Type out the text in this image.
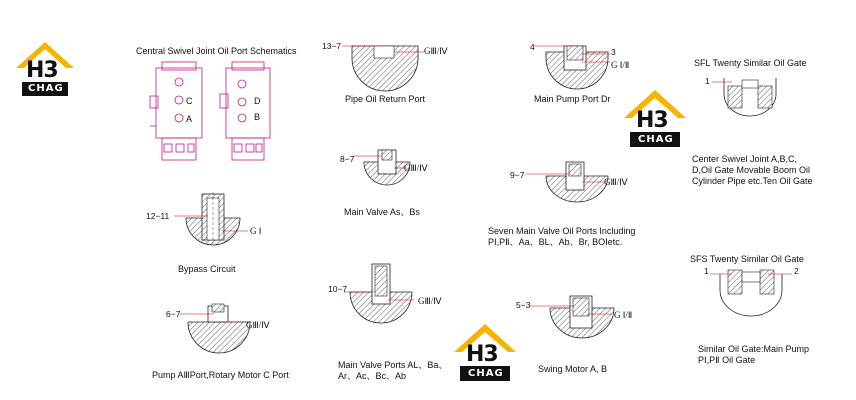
H3
CHAG
H3
CHAG
H3
CHAG
Central Swivel Joint Oil Port Schematics
C
A
D
B
12−11
G Ⅰ
Bypass Circuit
6−7
GⅢ/Ⅳ
Pump AⅢPort,Rotary Motor C Port
13−7	GⅢ/Ⅳ
Pipe Oil Return Port
8−7
GⅢ/Ⅳ
Main Valve As、Bs
10−7
GⅢ/Ⅳ
Main Valve Ports AL、Ba、Ar、Ac、Bc、Ab
4	3
G Ⅰ/Ⅱ
Main Pump Port Dr
9−7
GⅢ/Ⅳ
Seven Main Valve Oil Ports Including PⅠ,PⅡ、Aa、BL、Ab、Br, BOⅠetc.
5−3
G Ⅰ/Ⅱ
Swing Motor A, B
SFL Twenty Similar Oil Gate
1
Center Swivel Joint A,B,C, D,Oil Gate Movable Boom Oil Cylinder Pipe etc.Ten Oil Gate
SFS Twenty Similar Oil Gate
1	2
Similar Oil Gate:Main Pump PⅠ,PⅡ Oil Gate
